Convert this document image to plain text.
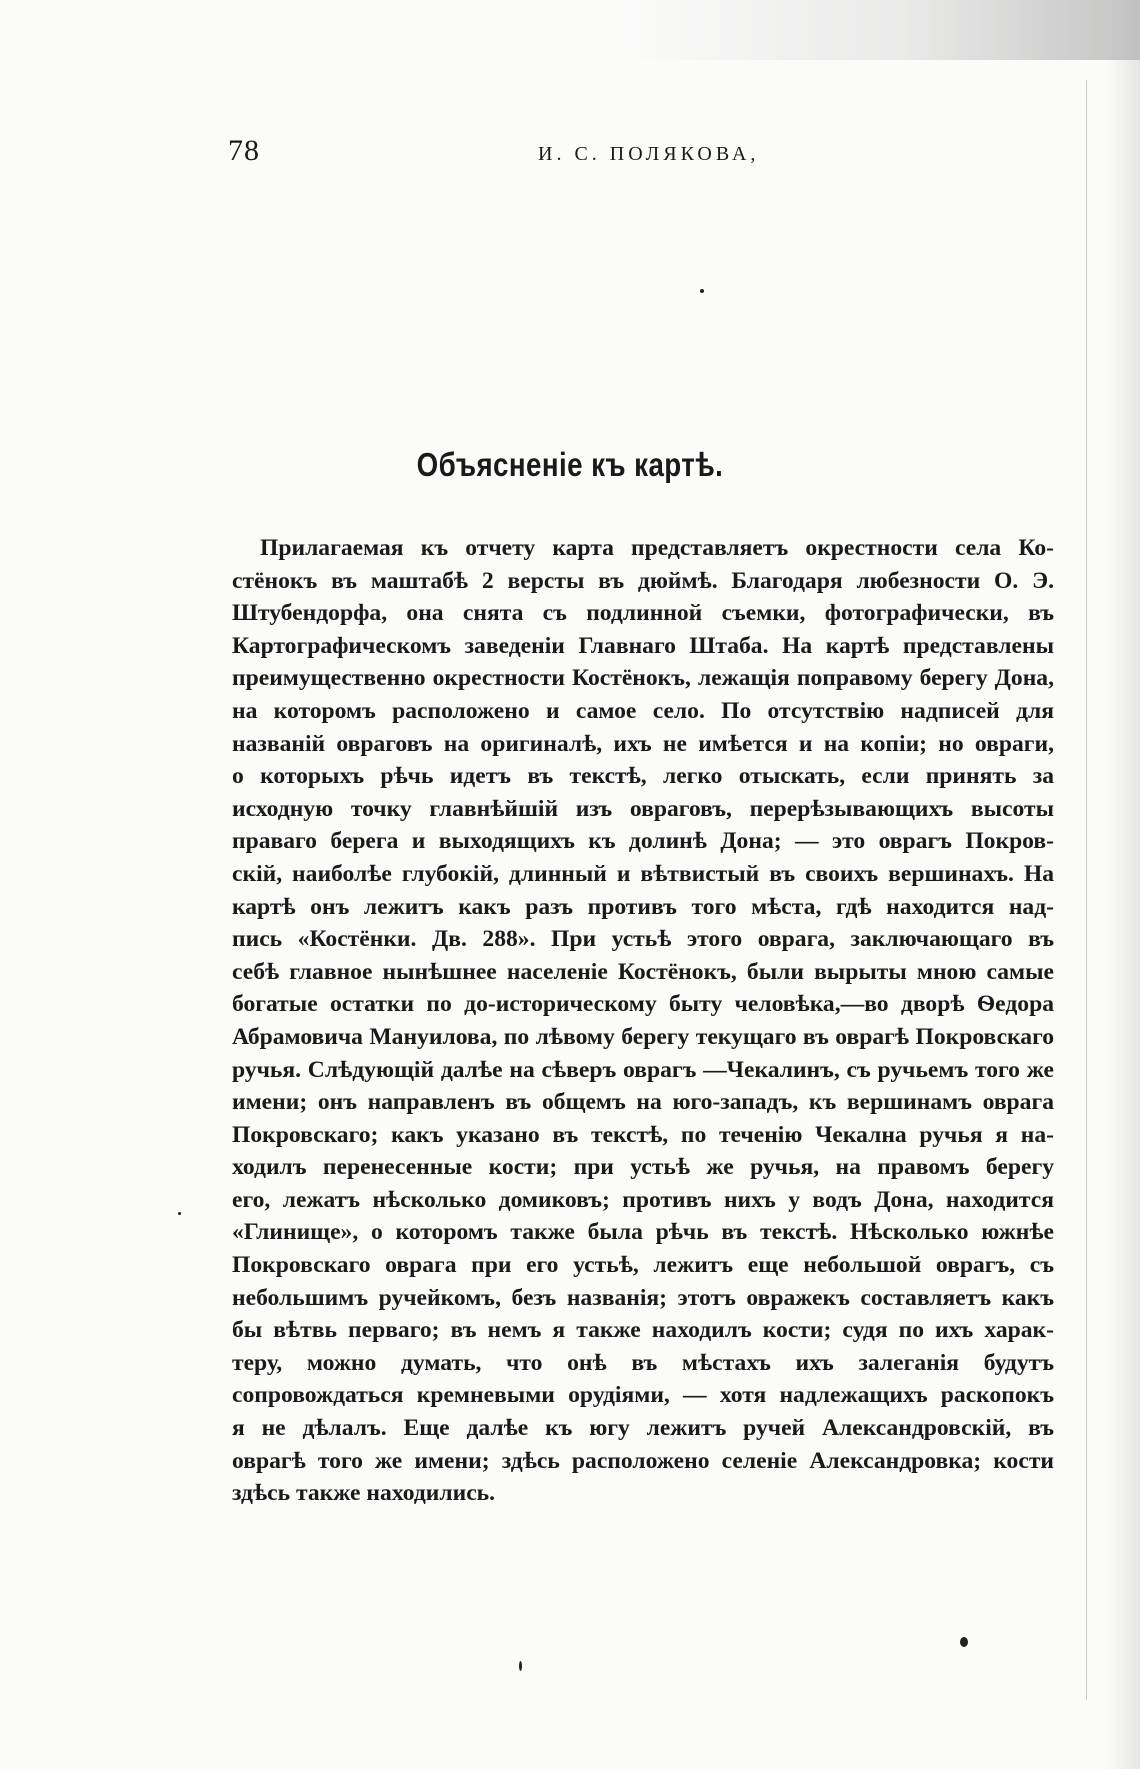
78	И. С. ПОЛЯКОВА,
Объясненіе къ картѣ.
Прилагаемая къ отчету карта представляетъ окрестности села Ко-
стёнокъ въ маштабѣ 2 версты въ дюймѣ. Благодаря любезности О. Э.
Штубендорфа, она снята съ подлинной съемки, фотографически, въ
Картографическомъ заведеніи Главнаго Штаба. На картѣ представлены
преимущественно окрестности Костёнокъ, лежащія поправому берегу Дона,
на которомъ расположено и самое село. По отсутствію надписей для
названій овраговъ на оригиналѣ, ихъ не имѣется и на копіи; но овраги,
о которыхъ рѣчь идетъ въ текстѣ, легко отыскать, если принять за
исходную точку главнѣйшій изъ овраговъ, перерѣзывающихъ высоты
праваго берега и выходящихъ къ долинѣ Дона; — это оврагъ Покров-
скій, наиболѣе глубокій, длинный и вѣтвистый въ своихъ вершинахъ. На
картѣ онъ лежитъ какъ разъ противъ того мѣста, гдѣ находится над-
пись «Костёнки. Дв. 288». При устьѣ этого оврага, заключающаго въ
себѣ главное нынѣшнее населеніе Костёнокъ, были вырыты мною самые
богатые остатки по до-историческому быту человѣка,—во дворѣ Ѳедора
Абрамовича Мануилова, по лѣвому берегу текущаго въ оврагѣ Покровскаго
ручья. Слѣдующій далѣе на сѣверъ оврагъ —Чекалинъ, съ ручьемъ того же
имени; онъ направленъ въ общемъ на юго-западъ, къ вершинамъ оврага
Покровскаго; какъ указано въ текстѣ, по теченію Чекална ручья я на-
ходилъ перенесенные кости; при устьѣ же ручья, на правомъ берегу
его, лежатъ нѣсколько домиковъ; противъ нихъ у водъ Дона, находится
«Глинище», о которомъ также была рѣчь въ текстѣ. Нѣсколько южнѣе
Покровскаго оврага при его устьѣ, лежитъ еще небольшой оврагъ, съ
небольшимъ ручейкомъ, безъ названія; этотъ овражекъ составляетъ какъ
бы вѣтвь перваго; въ немъ я также находилъ кости; судя по ихъ харак-
теру, можно думать, что онѣ въ мѣстахъ ихъ залеганія будутъ
сопровождаться кремневыми орудіями, — хотя надлежащихъ раскопокъ
я не дѣлалъ. Еще далѣе къ югу лежитъ ручей Александровскій, въ
оврагѣ того же имени; здѣсь расположено селеніе Александровка; кости
здѣсь также находились.
